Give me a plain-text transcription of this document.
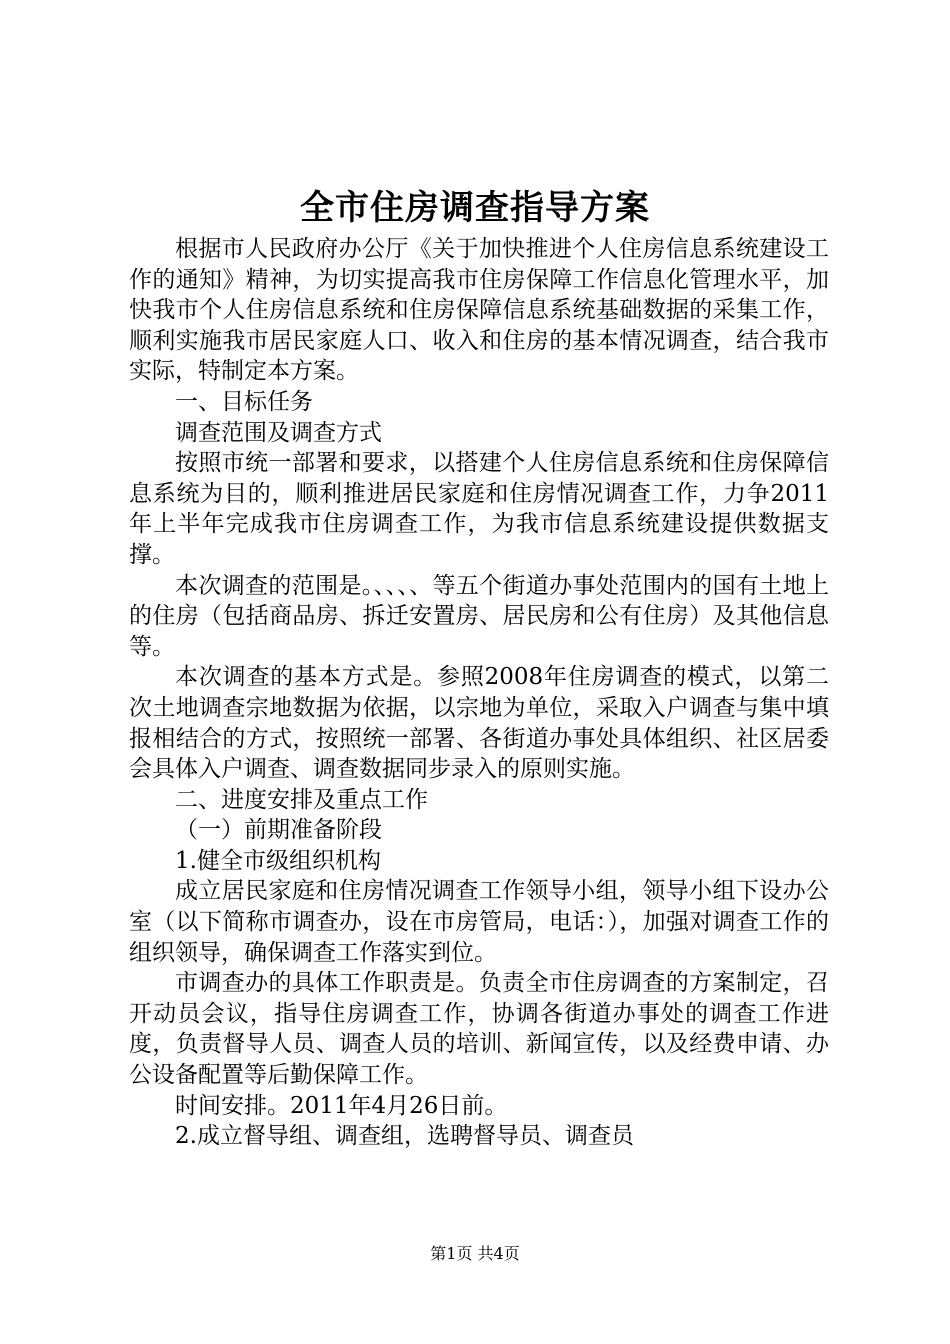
全市住房调查指导方案

根据市人民政府办公厅《关于加快推进个人住房信息系统建设工作的通知》精神，为切实提高我市住房保障工作信息化管理水平，加快我市个人住房信息系统和住房保障信息系统基础数据的采集工作，顺利实施我市居民家庭人口、收入和住房的基本情况调查，结合我市实际，特制定本方案。

一、目标任务

调查范围及调查方式

按照市统一部署和要求，以搭建个人住房信息系统和住房保障信息系统为目的，顺利推进居民家庭和住房情况调查工作，力争2011年上半年完成我市住房调查工作，为我市信息系统建设提供数据支撑。

本次调查的范围是。、、、、等五个街道办事处范围内的国有土地上的住房（包括商品房、拆迁安置房、居民房和公有住房）及其他信息等。

本次调查的基本方式是。参照2008年住房调查的模式，以第二次土地调查宗地数据为依据，以宗地为单位，采取入户调查与集中填报相结合的方式，按照统一部署、各街道办事处具体组织、社区居委会具体入户调查、调查数据同步录入的原则实施。

二、进度安排及重点工作

（一）前期准备阶段

1.健全市级组织机构

成立居民家庭和住房情况调查工作领导小组，领导小组下设办公室（以下简称市调查办，设在市房管局，电话：），加强对调查工作的组织领导，确保调查工作落实到位。

市调查办的具体工作职责是。负责全市住房调查的方案制定，召开动员会议，指导住房调查工作，协调各街道办事处的调查工作进度，负责督导人员、调查人员的培训、新闻宣传，以及经费申请、办公设备配置等后勤保障工作。

时间安排。2011年4月26日前。

2.成立督导组、调查组，选聘督导员、调查员

第1页 共4页
